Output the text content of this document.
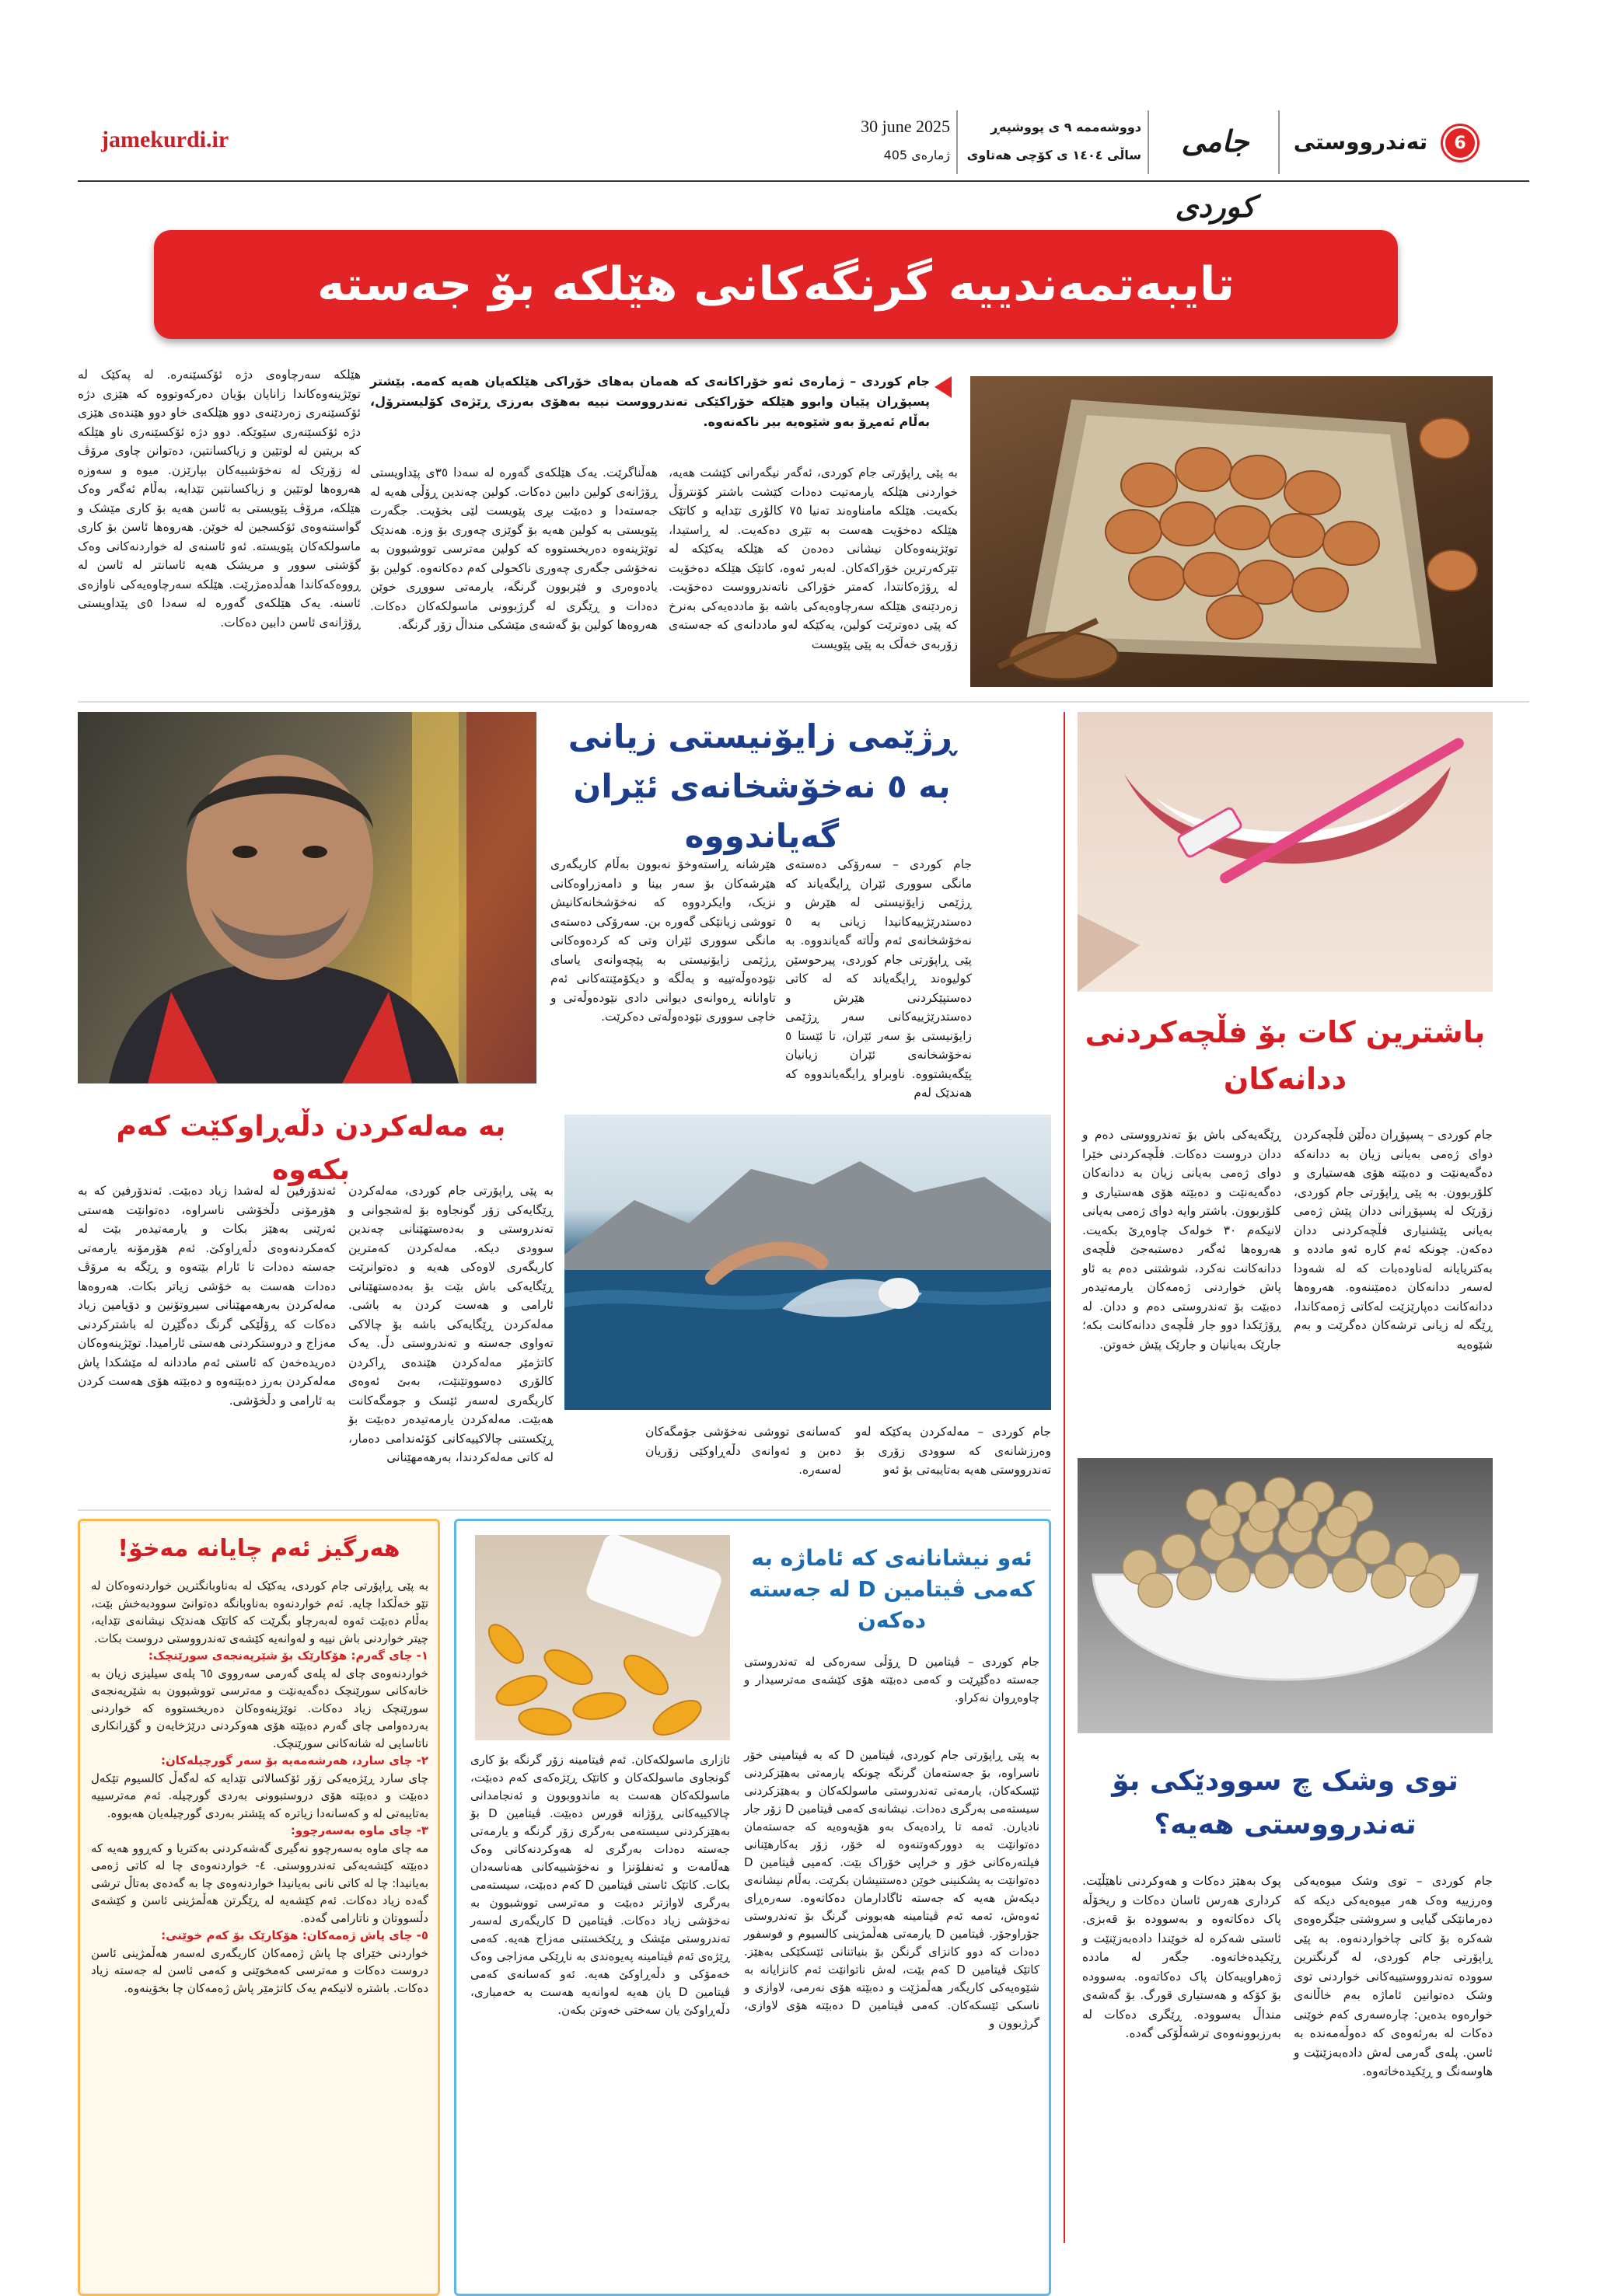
6
تەندرووستی
جامی کوردی
دووشەممە ٩ ی پووشپەڕ
ساڵی ١٤٠٤ ی کۆچی هەتاوی
30 june 2025
ژمارەی 405
jamekurdi.ir
تایبەتمەندییە گرنگەکانی هێلکە بۆ جەستە
جام کوردی – ژمارەی ئەو خۆراکانەی کە هەمان بەهای خۆراکی هێلکەیان هەیە کەمە. بێشتر پسپۆڕان پێیان وابوو هێلکە خۆراکێکی تەندرووست نییە بەهۆی بەرزی ڕێژەی کۆلیسترۆل، بەڵام ئەمڕۆ بەو شێوەیە بیر ناکەنەوە.
بە پێی ڕاپۆرتی جام کوردی، ئەگەر نیگەرانی کێشت هەیە، خواردنی هێلکە یارمەتیت دەدات کێشت باشتر کۆنترۆڵ بکەیت. هێلکە مامناوەند تەنیا ٧٥ کالۆری تێدایە و کاتێک هێلکە دەخۆیت هەست بە تێری دەکەیت. لە ڕاستیدا، توێژینەوەکان نیشانی دەدەن کە هێلکە یەکێکە لە تێرکەرترین خۆراکەکان. لەبەر ئەوە، کاتێک هێلکە دەخۆیت لە ڕۆژەکانتدا، کەمتر خۆراکی ناتەندرووست دەخۆیت. زەردێنەی هێلکە سەرچاوەیەکی باشە بۆ ماددەیەکی بەنرخ کە پێی دەوترێت کولین، یەکێکە لەو ماددانەی کە جەستەی زۆربەی خەڵک بە پێی پێویست
هەڵناگرێت. یەک هێلکەی گەورە لە سەدا ٣٥ی پێداویستی ڕۆژانەی کولین دابین دەکات. کولین چەندین ڕۆڵی هەیە لە جەستەدا و دەبێت بڕی پێویست لێی بخۆیت. جگەرت پێویستی بە کولین هەیە بۆ گوێزی چەوری بۆ وزە. هەندێک توێژینەوە دەریخستووە کە کولین مەترسی تووشبوون بە نەخۆشی جگەری چەوری ناکحولی کەم دەکاتەوە. کولین بۆ یادەوەری و فێربوون گرنگە، یارمەتی سووڕی خوێن دەدات و ڕێگری لە گرژبوونی ماسولکەکان دەکات. هەروەها کولین بۆ گەشەی مێشکی منداڵ زۆر گرنگە.
هێلکە سەرچاوەی دژە ئۆکسێنەرە. لە پەکێک لە توێژینەوەکاندا زانایان بۆیان دەرکەوتووە کە هێزی دژە ئۆکسێنەری زەردێنەی دوو هێلکەی خاو دوو هێندەی هێزی دژە ئۆکسێنەری سێوێکە. دوو دژە ئۆکسێنەری ناو هێلکە کە بریتین لە لوتێین و زیاکسانتین، دەتوانن چاوی مرۆڤ لە زۆرێک لە نەخۆشییەکان بپارێزن. میوە و سەوزە هەروەها لوتێین و زیاکسانتین تێدایە، بەڵام ئەگەر وەک هێلکە، مرۆڤ پێویستی بە ئاسن هەیە بۆ کاری مێشک و گواستنەوەی ئۆکسجین لە خوێن. هەروەها ئاسن بۆ کاری ماسولکەکان پێویستە. ئەو ئاسنەی لە خواردنەکانی وەک گۆشتی سوور و مریشک هەیە ئاسانتر لە ئاسن لە ڕووەکەکاندا هەڵدەمژرێت. هێلکە سەرچاوەیەکی ناوازەی ئاسنە. یەک هێلکەی گەورە لە سەدا ٥ی پێداویستی ڕۆژانەی ئاسن دابین دەکات.
ڕژێمی زایۆنیستی زیانی بە ٥ نەخۆشخانەی ئێران گەیاندووە
جام کوردی – سەرۆکی دەستەی مانگی سووری ئێران ڕایگەیاند کە ڕژێمی زایۆنیستی لە هێرش و دەستدرێژییەکانیدا زیانی بە ٥ نەخۆشخانەی ئەم وڵاتە گەیاندووە. بە پێی ڕاپۆرتی جام کوردی، پیرحوسێن کولیوەند ڕایگەیاند کە لە کاتی دەستپێکردنی هێرش و دەستدرێژییەکانی سەر ڕژێمی زایۆنیستی بۆ سەر ئێران، تا ئێستا ٥ نەخۆشخانەی ئێران زیانیان پێگەیشتووە. ناوبراو ڕایگەیاندووە کە هەندێک لەم
هێرشانە ڕاستەوخۆ نەبوون بەڵام کاریگەری هێرشەکان بۆ سەر بینا و دامەزراوەکانی نزیک، وایکردووە کە نەخۆشخانەکانیش تووشی زیانێکی گەورە بن. سەرۆکی دەستەی مانگی سووری ئێران وتی کە کردەوەکانی ڕژێمی زایۆنیستی بە پێچەوانەی یاسای نێودەوڵەتییە و بەڵگە و دیکۆمێنتەکانی ئەم تاوانانە ڕەوانەی دیوانی دادی نێودەوڵەتی و خاچی سووری نێودەوڵەتی دەکرێت.	باشترین کات بۆ فڵچەکردنی ددانەکان
جام کوردی – پسپۆڕان دەڵێن فڵچەکردن دوای ژەمی بەیانی زیان بە ددانەکە دەگەیەنێت و دەبێتە هۆی هەستیاری و کلۆربوون. بە پێی ڕاپۆرتی جام کوردی، زۆرێک لە پسپۆڕانی ددان پێش ژەمی بەیانی پێشنیاری فڵچەکردنی ددان دەکەن. چونکە ئەم کارە ئەو ماددە و بەکتریایانە لەناودەبات کە لە شەودا لەسەر ددانەکان دەمێننەوە. هەروەها ددانەکانت دەپارێزێت لەکاتی ژەمەکاندا، ڕێگە لە زیانی ترشەکان دەگرێت و بەم شێوەیە
ڕێگەیەکی باش بۆ تەندرووستی دەم و ددان دروست دەکات. فڵچەکردنی خێرا دوای ژەمی بەیانی زیان بە ددانەکان دەگەیەنێت و دەبێتە هۆی هەستیاری و کلۆربوون. باشتر وایە دوای ژەمی بەیانی لانیکەم ٣٠ خولەک چاوەڕێ بکەیت. هەروەها ئەگەر دەستبەجێ فڵچەی ددانەکانت نەکرد، شوشتنی دەم بە ئاو پاش خواردنی ژەمەکان یارمەتیدەر دەبێت بۆ تەندروستی دەم و ددان. لە ڕۆژێکدا دوو جار فڵچەی ددانەکانت بکە؛ جارێک بەیانیان و جارێک پێش خەوتن.
بە مەلەکردن دڵەڕاوکێت کەم بکەوە
جام کوردی – مەلەکردن یەکێکە لەو وەرزشانەی کە سوودی زۆری بۆ تەندرووستی هەیە بەتایبەتی بۆ ئەو
کەسانەی تووشی نەخۆشی جۆمگەکان دەبن و ئەوانەی دڵەڕاوکێی زۆریان لەسەرە.
بە پێی ڕاپۆرتی جام کوردی، مەلەکردن ڕێگایەکی زۆر گونجاوە بۆ لەشجوانی و تەندروستی و بەدەستهێنانی چەندین سوودی دیکە. مەلەکردن کەمترین کاریگەری لاوەکی هەیە و دەتوانرێت ڕێگایەکی باش بێت بۆ بەدەستهێنانی ئارامی و هەست کردن بە باشی. مەلەکردن ڕێگایەکی باشە بۆ چالاکی تەواوی جەستە و تەندروستی دڵ. یەک کاتژمێر مەلەکردن هێندەی ڕاکردن کالۆری دەسووتێنێت، بەبێ ئەوەی کاریگەری لەسەر ئێسک و جومگەکانت هەبێت. مەلەکردن یارمەتیدەر دەبێت بۆ ڕێکستنی چالاکییەکانی کۆئەندامی دەمار، لە کاتی مەلەکردندا، بەرهەمهێنانی
ئەندۆرفین لە لەشدا زیاد دەبێت. ئەندۆرفین کە بە هۆرمۆنی دڵخۆشی ناسراوە، دەتوانێت هەستی ئەرێنی بەهێز بکات و یارمەتیدەر بێت لە کەمکردنەوەی دڵەڕاوکێ. ئەم هۆرمۆنە یارمەتی جەستە دەدات تا ئارام بێتەوە و ڕێگە بە مرۆڤ دەدات هەست بە خۆشی زیاتر بکات. هەروەها مەلەکردن بەرهەمهێنانی سیروتۆنین و دۆپامین زیاد دەکات کە ڕۆڵێکی گرنگ دەگێڕن لە باشترکردنی مەزاج و دروستکردنی هەستی ئارامیدا. توێژینەوەکان دەریدەخەن کە ئاستی ئەم ماددانە لە مێشکدا پاش مەلەکردن بەرز دەبێتەوە و دەبێتە هۆی هەست کردن بە ئارامی و دڵخۆشی.
هەرگیز ئەم چایانە مەخۆ!

بە پێی ڕاپۆرتی جام کوردی، یەکێک لە بەناوبانگترین خواردنەوەکان لە تێو خەڵکدا چایە. ئەم خواردنەوە بەناوبانگە دەتوانێ سوودبەخش بێت، بەڵام دەبێت ئەوە لەبەرچاو بگرێت کە کاتێک هەندێک نیشانەی تێدایە، چیتر خواردنی باش نییە و لەوانەیە کێشەی تەندرووستی دروست بکات.

١- چای گەرم: هۆکارێک بۆ شێرپەنجەی سورێنچک:

خواردنەوەی چای لە پلەی گەرمی سەرووی ٦٥ پلەی سیلیزی زیان بە خانەکانی سورێنچک دەگەیەنێت و مەترسی تووشبوون بە شێرپەنجەی سورێنچک زیاد دەکات. توێژینەوەکان دەریخستووە کە خواردنی بەردەوامی چای گەرم دەبێتە هۆی هەوکردنی درێژخایەن و گۆڕانکاری ناتاسایی لە شانەکانی سورێنچک.

٢- چای سارد، هەرشەمەیە بۆ سەر گورچیلەکان:

چای سارد ڕێژەیەکی زۆر ئۆکسالاتی تێدایە کە لەگەڵ کالسیوم تێکەل دەبێت و دەبێتە هۆی دروستبوونی بەردی گورچیلە. ئەم مەترسییە بەتایبەتی لە و کەسانەدا زیاترە کە پێشتر بەردی گورچیلەیان هەبووە.

٣- چای ماوە بەسەرچوو:

مە چای ماوە بەسەرچوو نەگیری گەشەکردنی بەکتریا و کەڕوو هەیە کە دەبێتە کێشەیەکی تەندرووستی. ٤- خواردنەوەی چا لە کاتی ژەمی بەیانیدا: چا لە کاتی نانی بەیانیدا خواردنەوەی چا بە گەدەی بەتاڵ ترشی گەدە زیاد دەکات. ئەم کێشەیە لە ڕێگرتن هەڵمژینی ئاسن و کێشەی دڵسووتان و ناتارامی گەدە.

٥- چای پاش ژەمەکان: هۆکارێک بۆ کەم خوێنی:

خواردنی خێرای چا پاش ژەمەکان کاریگەری لەسەر هەڵمژینی ئاسن دروست دەکات و مەترسی کەمخوێنی و کەمی ئاسن لە جەستە زیاد دەکات. باشترە لانیکەم یەک کاتژمێر پاش ژەمەکان چا بخۆینەوە.

ئەو نیشانانەی کە ئاماژە بە کەمی ڤیتامین D لە جەستە دەکەن
جام کوردی – ڤیتامین D ڕۆڵی سەرەکی لە تەندروستی جەستە دەگێڕێت و کەمی دەبێتە هۆی کێشەی مەترسیدار و چاوەڕوان نەکراو.
بە پێی ڕاپۆرتی جام کوردی، ڤیتامین D کە بە ڤیتامینی خۆر ناسراوە، بۆ جەستەمان گرنگە چونکە یارمەتی بەهێزکردنی ئێسکەکان، یارمەتی تەندروستی ماسولکەکان و بەهێزکردنی سیستەمی بەرگری دەدات. نیشانەی کەمی ڤیتامین D زۆر جار نادیارن. ئەمە تا ڕادەیەک بەو هۆیەوەیە کە جەستەمان دەتوانێت بە دوورکەوتنەوە لە خۆر، زۆر بەکارهێنانی فیلتەرەکانی خۆر و خراپی خۆراک بێت. کەمیی ڤیتامین D دەتوانێت بە پشکنینی خوێن دەستنیشان بکرێت. بەڵام نیشانەی دیکەش هەیە کە جەستە ئاگادارمان دەکاتەوە. سەرەڕای ئەوەش، ئەمە ئەم ڤیتامینە هەبوونی گرنگ بۆ تەندروستی جۆراوجۆر. ڤیتامین D یارمەتی هەڵمژینی کالسیوم و فوسفور دەدات کە دوو کانزای گرنگن بۆ بنیاتنانی ئێسکێکی بەهێز. کاتێک ڤیتامین D کەم بێت، لەش ناتوانێت ئەم کانزایانە بە شێوەیەکی کاریگەر هەڵمژێت و دەبێتە هۆی نەرمی، لاوازی و ناسکی ئێسکەکان. کەمی ڤیتامین D دەبێتە هۆی لاوازی، گرژبوون و
ئازاری ماسولکەکان. ئەم ڤیتامینە زۆر گرنگە بۆ کاری گونجاوی ماسولکەکان و کاتێک ڕێژەکەی کەم دەبێت، ماسولکەکان هەست بە ماندووبوون و ئەنجامدانی چالاکییەکانی ڕۆژانە قورس دەبێت. ڤیتامین D بۆ بەهێزکردنی سیستەمی بەرگری زۆر گرنگە و یارمەتی جەستە دەدات بەرگری لە هەوکردنەکانی وەک هەڵامەت و ئەنفلۆنزا و نەخۆشییەکانی هەناسەدان بکات. کاتێک ئاستی ڤیتامین D کەم دەبێت، سیستەمی بەرگری لاوازتر دەبێت و مەترسی تووشبوون بە نەخۆشی زیاد دەکات. ڤیتامین D کاریگەری لەسەر تەندروستی مێشک و ڕێکخستنی مەزاج هەیە. کەمی ڕێژەی ئەم ڤیتامینە پەیوەندی بە ناڕێکی مەزاجی وەک خەمۆکی و دڵەڕاوکێ هەیە. ئەو کەسانەی کەمی ڤیتامین D یان هەیە لەوانەیە هەست بە خەمباری، دڵەڕاوکێ یان سەختی خەوتن بکەن.
توی وشک چ سوودێکی بۆ تەندرووستی هەیە؟
جام کوردی – توی وشک میوەیەکی وەرزییە وەک هەر میوەیەکی دیکە کە دەرمانێکی گیایی و سروشتی جێگرەوەی شەکرە بۆ کاتی چاخواردنەوە. بە پێی ڕاپۆرتی جام کوردی، لە گرنگترین سوودە تەندرووستییەکانی خواردنی توی وشک دەتوانین ئاماژە بەم خاڵانەی خوارەوە بدەین: چارەسەری کەم خوێنی دەکات لە بەرئەوەی کە دەوڵەمەندە بە ئاسن. پلەی گەرمی لەش دادەبەزێنێت و هاوسەنگ و ڕێکیدەخاتەوە.
پوک بەهێز دەکات و هەوکردنی ناهێڵێت. کرداری هەرس ئاسان دەکات و ریخۆڵە پاک دەکاتەوە و بەسوودە بۆ قەبزی. ئاستی شەکرە لە خوێندا دادەبەزێنێت و ڕێکیدەخاتەوە. جگەر لە ماددە ژەهراوییەکان پاک دەکاتەوە. بەسوودە بۆ کۆکە و هەستیاری قورگ. بۆ گەشەی منداڵ بەسوودە. ڕێگری دەکات لە بەرزبوونەوەی ترشەڵۆکی گەدە.
